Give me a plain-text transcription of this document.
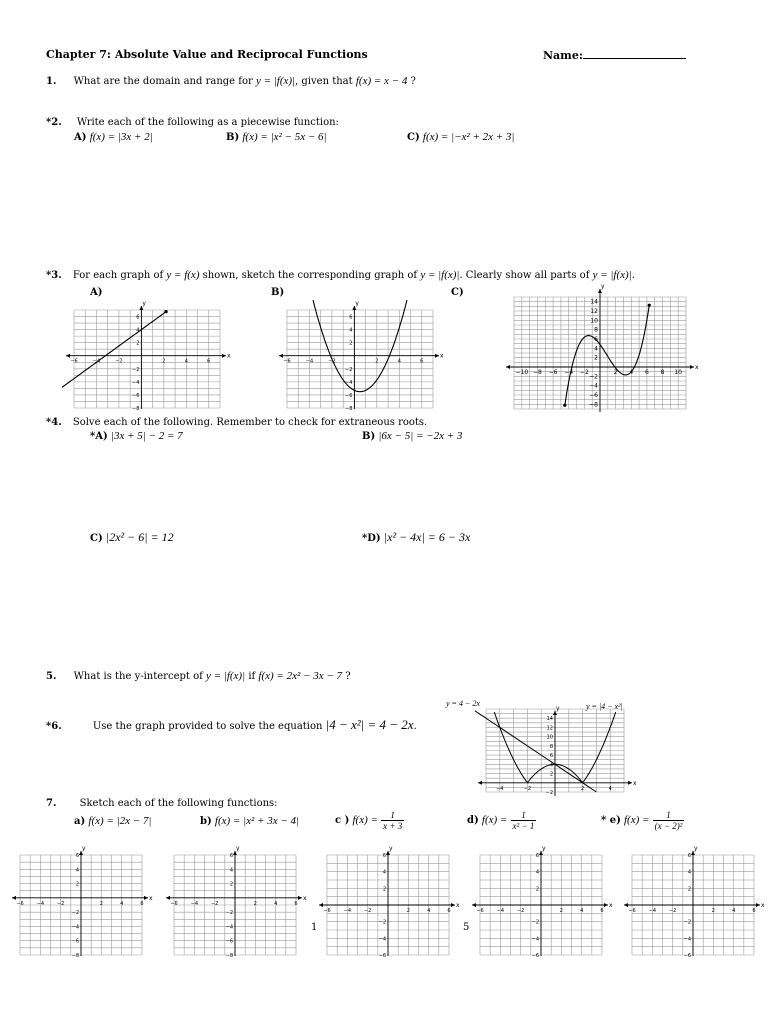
Chapter 7: Absolute Value and Reciprocal Functions	Name:
1. What are the domain and range for y = |f(x)|, given that f(x) = x − 4 ?
*2. Write each of the following as a piecewise function:
A) f(x) = |3x + 2|	B) f(x) = |x² − 5x − 6|	C) f(x) = |−x² + 2x + 3|
*3. For each graph of y = f(x) shown, sketch the corresponding graph of y = |f(x)|. Clearly show all parts of y = |f(x)|.
A)	B)	C)
x
y
−6	−4	−2	2	4	6
6
4
2
−2
−4
−6
−8
x
y
−6	−4	−2	2	4	6
6
4
2
−2
−4
−6
−8
x
y
−10 −8 −6 −4 −2	2 4 6 8 10
14
12
10
8
6
4
2
−2
−4
−6
−8
*4. Solve each of the following. Remember to check for extraneous roots.
*A) |3x + 5| − 2 = 7	B) |6x − 5| = −2x + 3
C) |2x² − 6| = 12	*D) |x² − 4x| = 6 − 3x
5. What is the y-intercept of y = |f(x)| if f(x) = 2x² − 3x − 7 ?
*6.	Use the graph provided to solve the equation |4 − x²| = 4 − 2x.
y = 4 − 2x	y = |4 − x²|
x
y
−4	−2	2	4
14
12
10
8
6
4
2
−2
7. Sketch each of the following functions:
a) f(x) = |2x − 7|	b) f(x) = |x² + 3x − 4|	c ) $f(x) = \frac{1}{x + 3}$	d) $f(x) = \frac{1}{\text{x² − 1}}$	* e) $f(x) = \frac{1}{\text{(x − 2)²}}$
1	5
x
y
−6	−4	−2	2	4	6
6
4
2
−2
−4
−6
−8
x
y
−6	−4	−2	2	4	6
6
4
2
−2
−4
−6
−8
x
y
−6	−4	−2	2	4	6
6
4
2
−2
−4
−6
x
y
−6	−4	−2	2	4	6
6
4
2
−2
−4
−6
x
y
−6	−4	−2	2	4	6
6
4
2
−2
−4
−6
